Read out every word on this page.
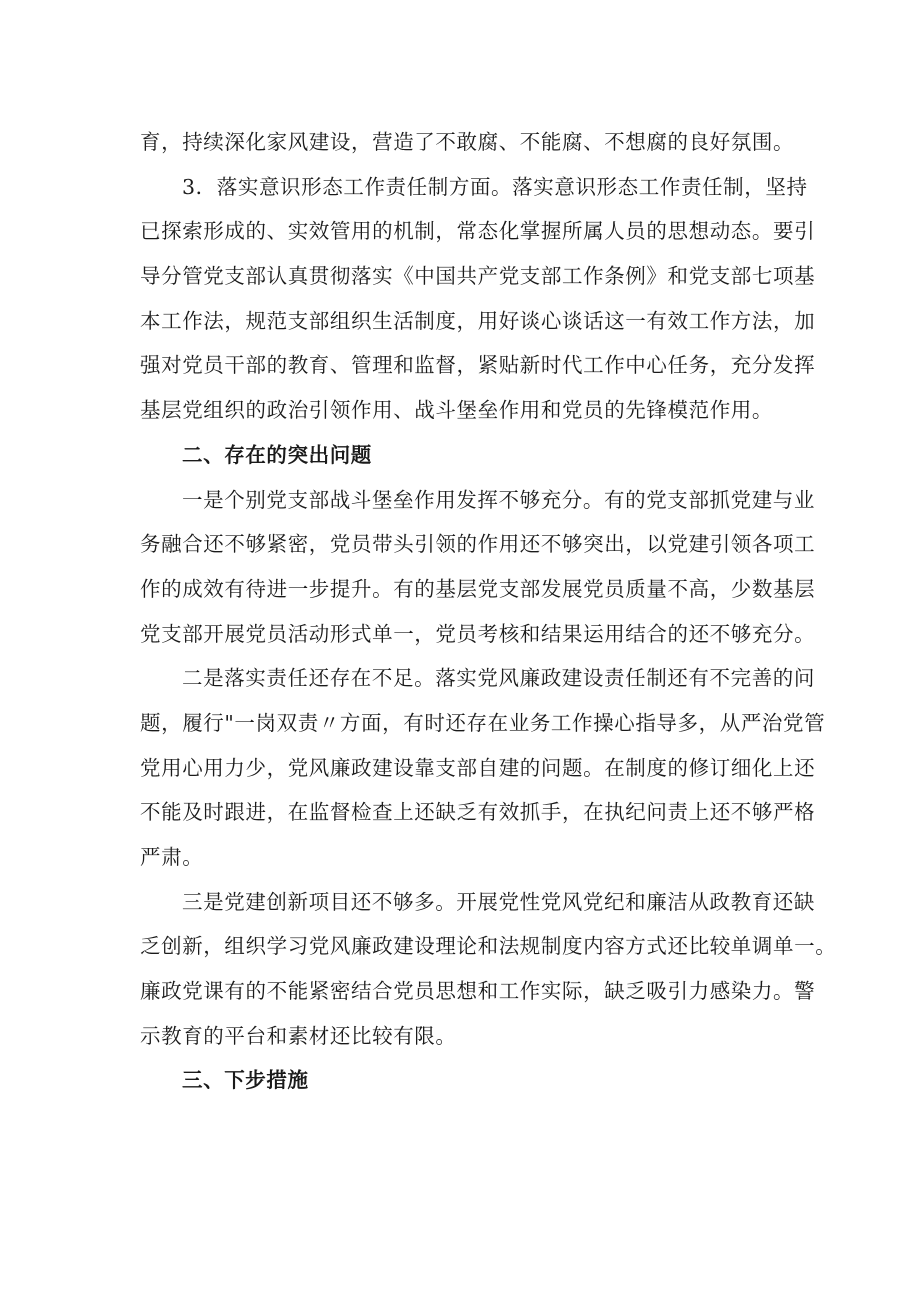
育，持续深化家风建设，营造了不敢腐、不能腐、不想腐的良好氛围。
3．落实意识形态工作责任制方面。落实意识形态工作责任制，坚持
已探索形成的、实效管用的机制，常态化掌握所属人员的思想动态。要引
导分管党支部认真贯彻落实《中国共产党支部工作条例》和党支部七项基
本工作法，规范支部组织生活制度，用好谈心谈话这一有效工作方法，加
强对党员干部的教育、管理和监督，紧贴新时代工作中心任务，充分发挥
基层党组织的政治引领作用、战斗堡垒作用和党员的先锋模范作用。
二、存在的突出问题
一是个别党支部战斗堡垒作用发挥不够充分。有的党支部抓党建与业
务融合还不够紧密，党员带头引领的作用还不够突出，以党建引领各项工
作的成效有待进一步提升。有的基层党支部发展党员质量不高，少数基层
党支部开展党员活动形式单一，党员考核和结果运用结合的还不够充分。
二是落实责任还存在不足。落实党风廉政建设责任制还有不完善的问
题，履行"一岗双责〃方面，有时还存在业务工作操心指导多，从严治党管
党用心用力少，党风廉政建设靠支部自建的问题。在制度的修订细化上还
不能及时跟进，在监督检查上还缺乏有效抓手，在执纪问责上还不够严格
严肃。
三是党建创新项目还不够多。开展党性党风党纪和廉洁从政教育还缺
乏创新，组织学习党风廉政建设理论和法规制度内容方式还比较单调单一。
廉政党课有的不能紧密结合党员思想和工作实际，缺乏吸引力感染力。警
示教育的平台和素材还比较有限。
三、下步措施
